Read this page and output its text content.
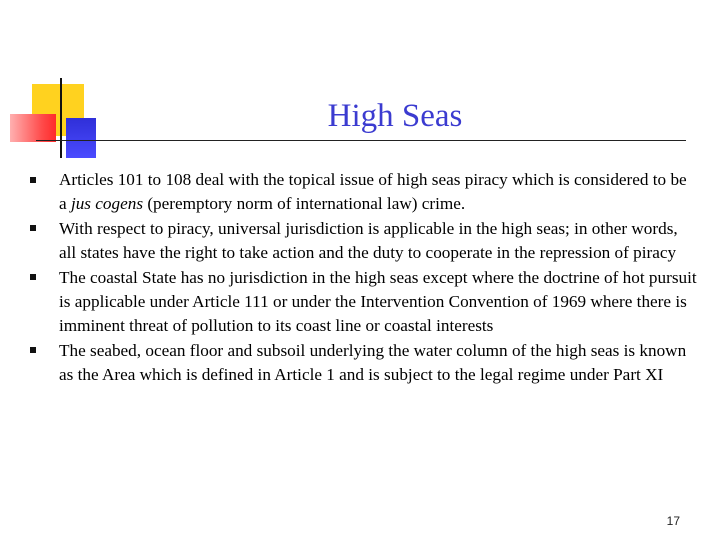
High Seas
Articles 101 to 108 deal with the topical issue of high seas piracy which is considered to be a jus cogens (peremptory norm of international law) crime.
With respect to piracy, universal jurisdiction is applicable in the high seas; in other words, all states have the right to take action and the duty to cooperate in the repression of piracy
The coastal State has no jurisdiction in the high seas except where the doctrine of hot pursuit is applicable under Article 111 or under the Intervention Convention of 1969 where there is imminent threat of pollution to its coast line or coastal interests
The seabed, ocean floor and subsoil underlying the water column of the high seas is known as the Area which is defined in Article 1 and is subject to the legal regime under Part XI
17
